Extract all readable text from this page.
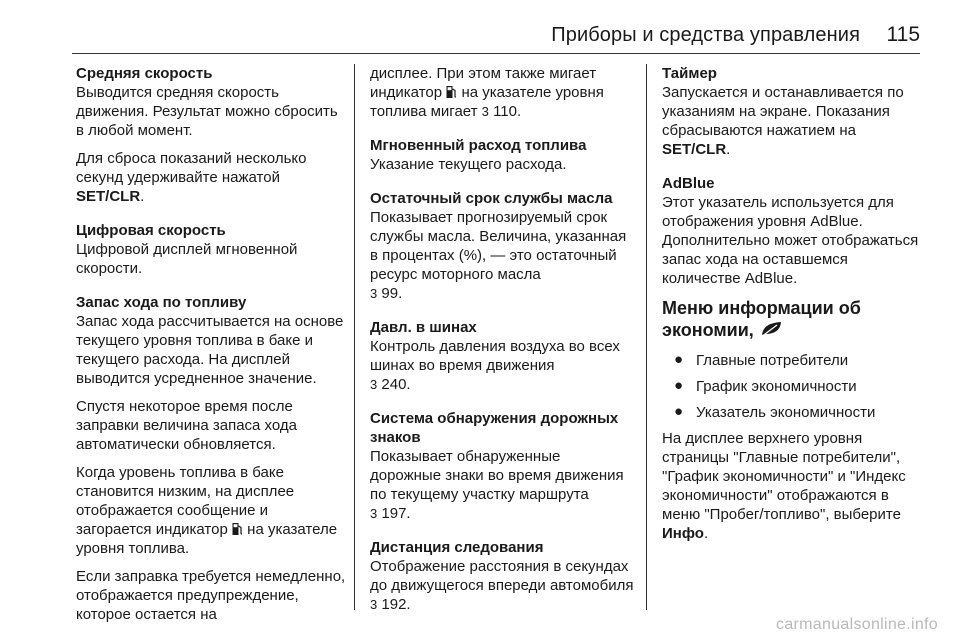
Приборы и средства управления 115
Средняя скорость
Выводится средняя скорость движения. Результат можно сбросить в любой момент.
Для сброса показаний несколько секунд удерживайте нажатой SET/CLR.
Цифровая скорость
Цифровой дисплей мгновенной скорости.
Запас хода по топливу
Запас хода рассчитывается на основе текущего уровня топлива в баке и текущего расхода. На дисплей выводится усредненное значение.
Спустя некоторое время после заправки величина запаса хода автоматически обновляется.
Когда уровень топлива в баке становится низким, на дисплее отображается сообщение и загорается индикатор на указателе уровня топлива.
Если заправка требуется немедленно, отображается предупреждение, которое остается на
дисплее. При этом также мигает индикатор на указателе уровня топлива мигает 3 110.
Мгновенный расход топлива
Указание текущего расхода.
Остаточный срок службы масла
Показывает прогнозируемый срок службы масла. Величина, указанная в процентах (%), — это остаточный ресурс моторного масла
3 99.
Давл. в шинах
Контроль давления воздуха во всех шинах во время движения
3 240.
Система обнаружения дорожных знаков
Показывает обнаруженные дорожные знаки во время движения по текущему участку маршрута
3 197.
Дистанция следования
Отображение расстояния в секундах до движущегося впереди автомобиля 3 192.
Таймер
Запускается и останавливается по указаниям на экране. Показания сбрасываются нажатием на
SET/CLR.
AdBlue
Этот указатель используется для отображения уровня AdBlue. Дополнительно может отображаться запас хода на оставшемся количестве AdBlue.
Меню информации об экономии,
● Главные потребители
● График экономичности
● Указатель экономичности
На дисплее верхнего уровня страницы "Главные потребители", "График экономичности" и "Индекс экономичности" отображаются в меню "Пробег/топливо", выберите Инфо.
carmanualsonline.info
